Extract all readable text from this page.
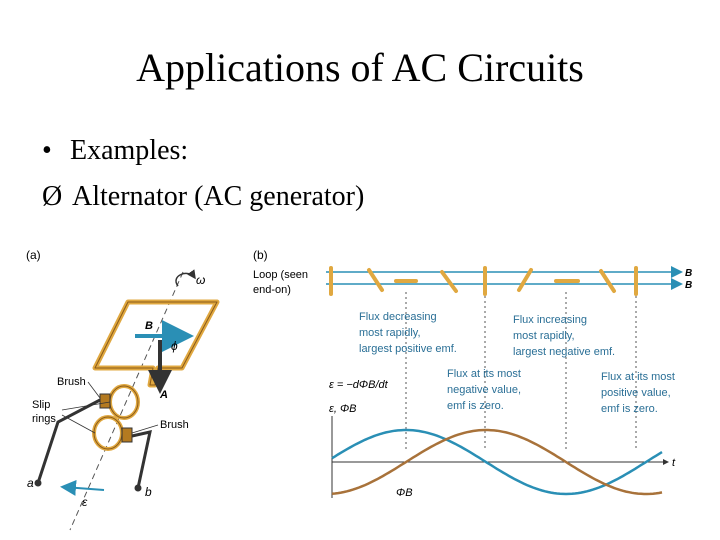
Applications of AC Circuits
• Examples:
Ø Alternator (AC generator)
(a)
ω
B
ϕ
A
a
b
ε
Brush
Slip
rings	Brush
(b)
Loop (seen
end-on)
B
B
Flux decreasing
most rapidly,
largest positive emf.
Flux increasing
most rapidly,
largest negative emf.
Flux at its most
negative value,
emf is zero.
Flux at its most
positive value,
emf is zero.
ε = −dΦB/dt
ε, ΦB
t
ΦB
